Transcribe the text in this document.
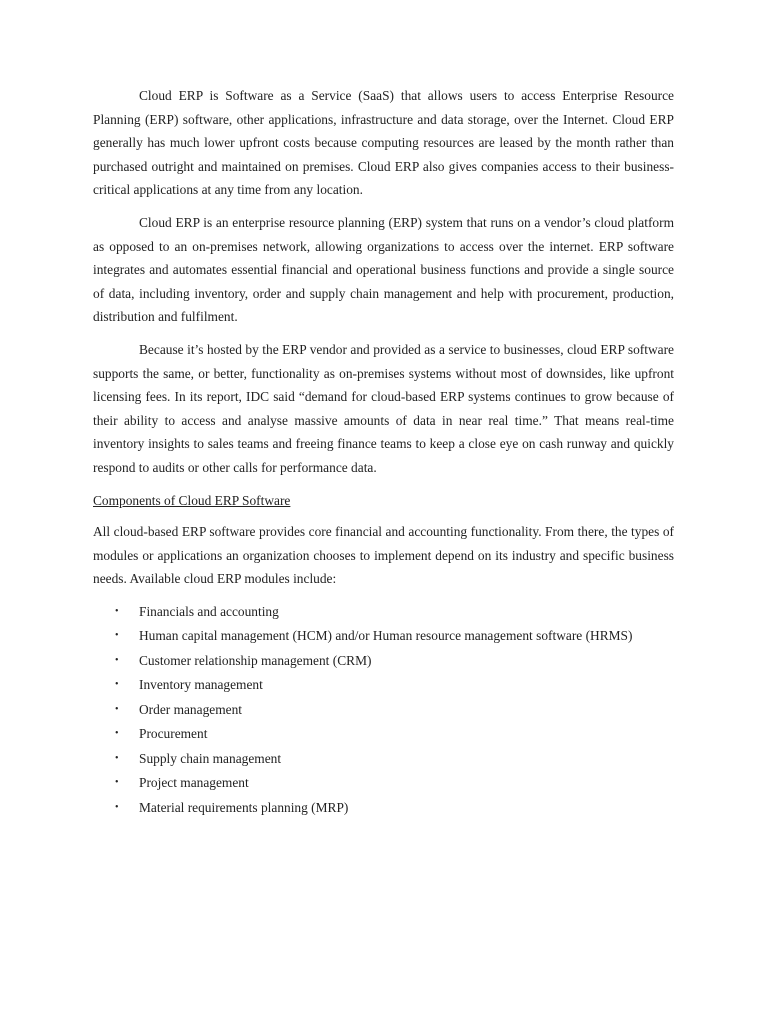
Cloud ERP is Software as a Service (SaaS) that allows users to access Enterprise Resource Planning (ERP) software, other applications, infrastructure and data storage, over the Internet. Cloud ERP generally has much lower upfront costs because computing resources are leased by the month rather than purchased outright and maintained on premises. Cloud ERP also gives companies access to their business-critical applications at any time from any location.

Cloud ERP is an enterprise resource planning (ERP) system that runs on a vendor’s cloud platform as opposed to an on-premises network, allowing organizations to access over the internet. ERP software integrates and automates essential financial and operational business functions and provide a single source of data, including inventory, order and supply chain management and help with procurement, production, distribution and fulfilment.

Because it’s hosted by the ERP vendor and provided as a service to businesses, cloud ERP software supports the same, or better, functionality as on-premises systems without most of downsides, like upfront licensing fees. In its report, IDC said “demand for cloud-based ERP systems continues to grow because of their ability to access and analyse massive amounts of data in near real time.” That means real-time inventory insights to sales teams and freeing finance teams to keep a close eye on cash runway and quickly respond to audits or other calls for performance data.

Components of Cloud ERP Software

All cloud-based ERP software provides core financial and accounting functionality. From there, the types of modules or applications an organization chooses to implement depend on its industry and specific business needs. Available cloud ERP modules include:

• Financials and accounting
• Human capital management (HCM) and/or Human resource management software (HRMS)
• Customer relationship management (CRM)
• Inventory management
• Order management
• Procurement
• Supply chain management
• Project management
• Material requirements planning (MRP)
